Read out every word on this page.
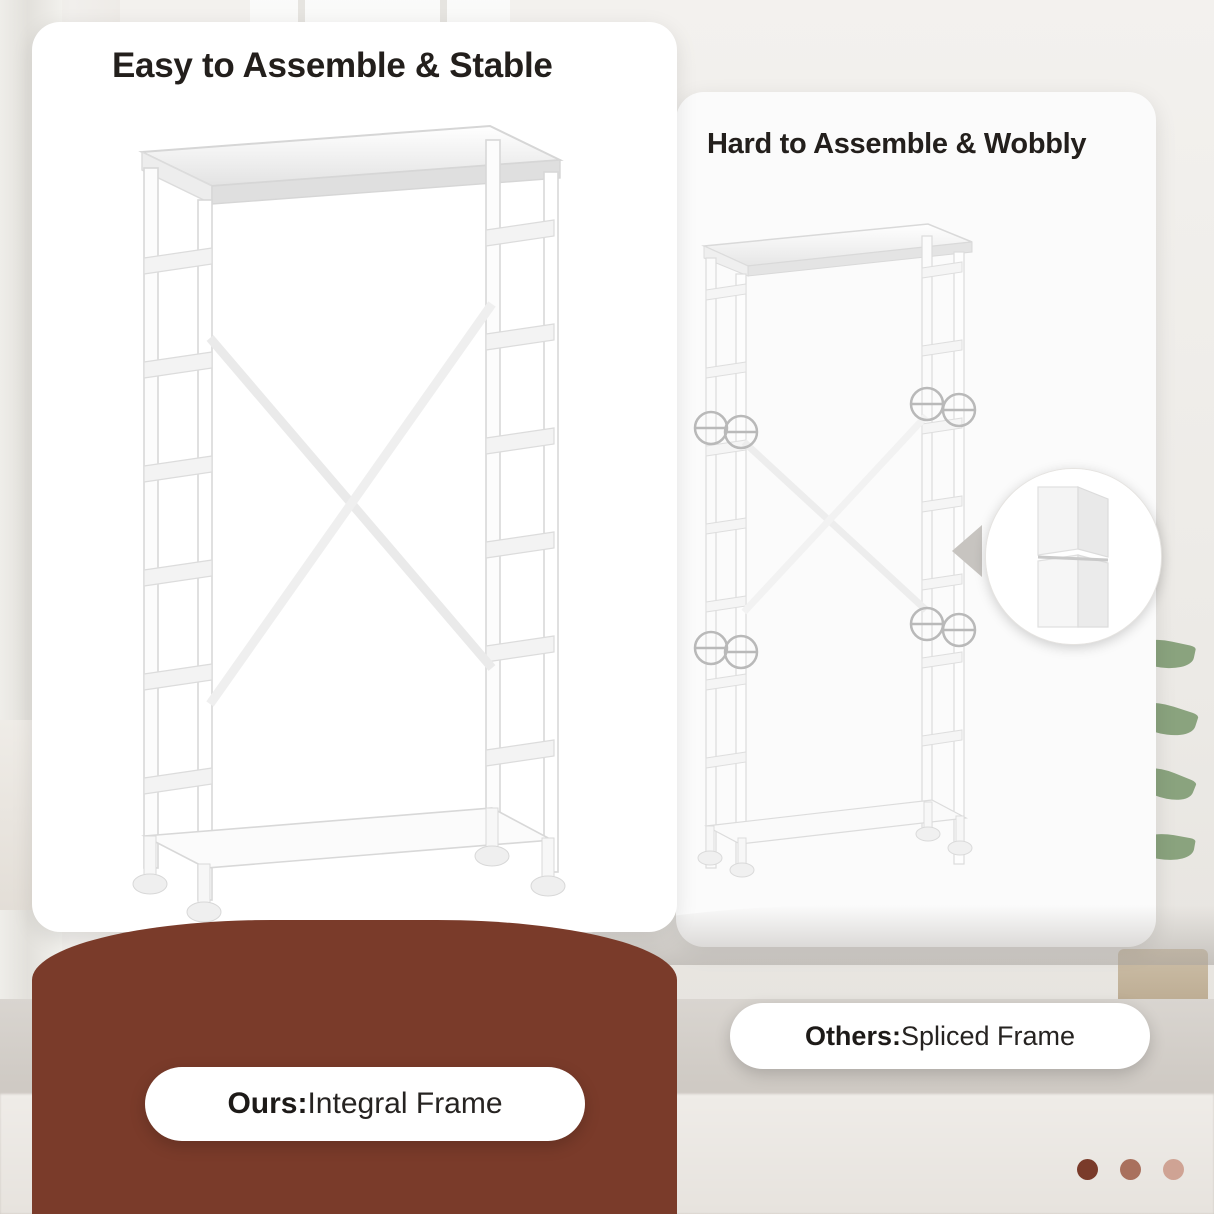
Hard to Assemble & Wobbly
Easy to Assemble & Stable
Others: Spliced Frame
Ours: Integral Frame
